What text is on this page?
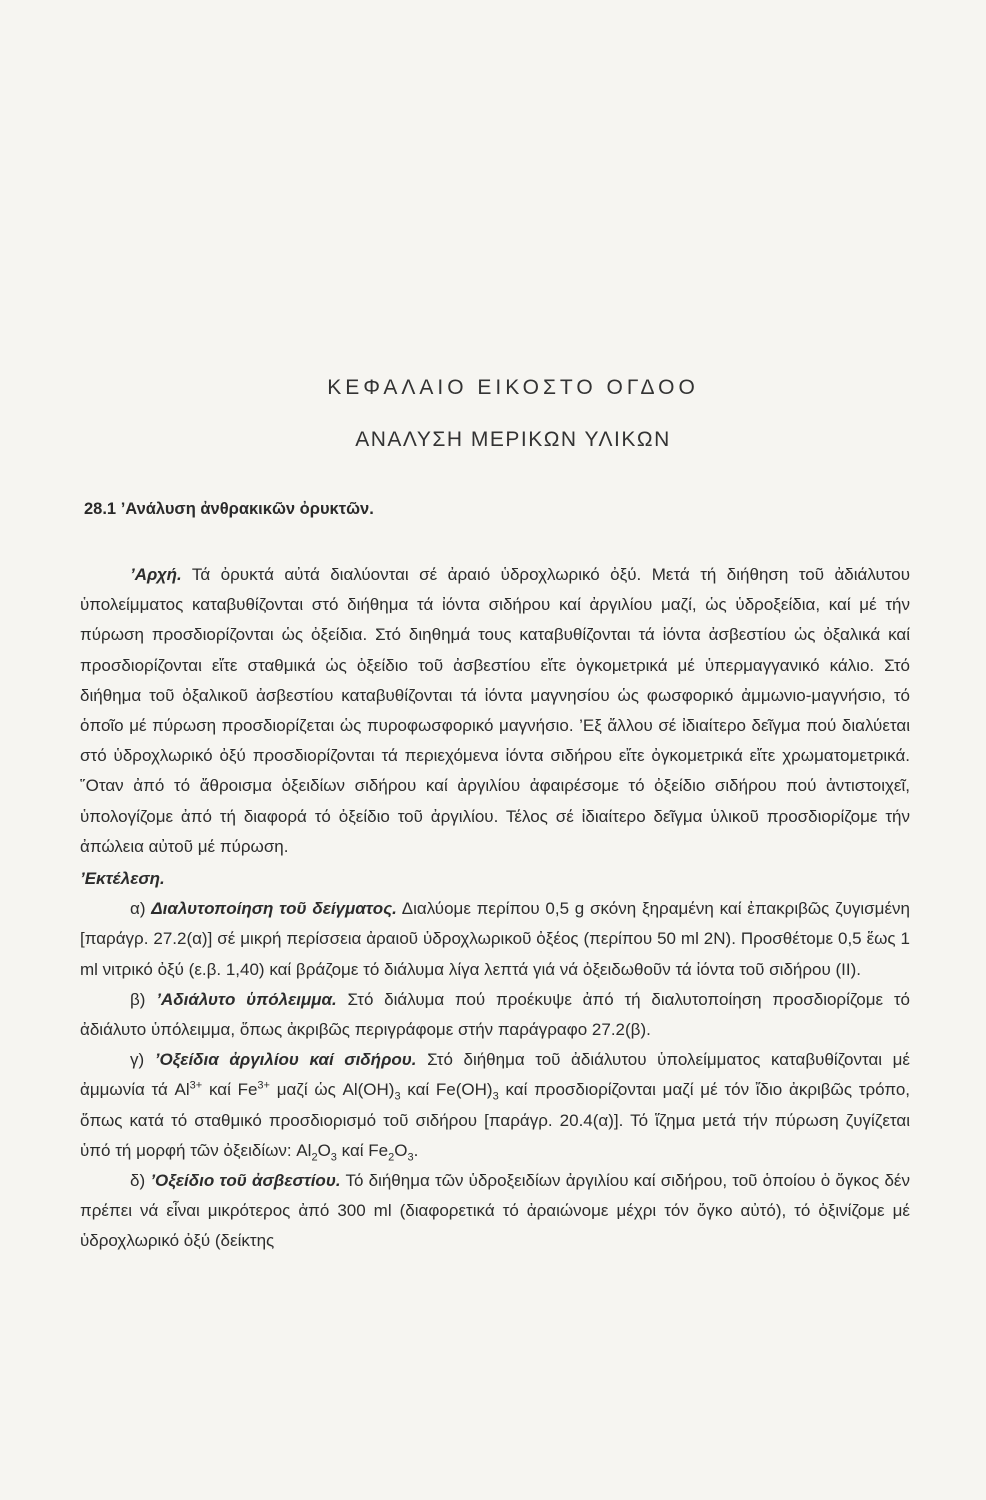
ΚΕΦΑΛΑΙΟ ΕΙΚΟΣΤΟ ΟΓΔΟΟ
ΑΝΑΛΥΣΗ ΜΕΡΙΚΩΝ ΥΛΙΚΩΝ
28.1 ’Ανάλυση ἀνθρακικῶν ὀρυκτῶν.

’Αρχή. Τά ὀρυκτά αὐτά διαλύονται σέ ἀραιό ὑδροχλωρικό ὀξύ. Μετά τή διήθηση τοῦ ἀδιάλυτου ὑπολείμματος καταβυθίζονται στό διήθημα τά ἰόντα σιδήρου καί ἀργιλίου μαζί, ὡς ὑδροξείδια, καί μέ τήν πύρωση προσδιορίζονται ὡς ὀξείδια. Στό διηθημά τους καταβυθίζονται τά ἰόντα ἀσβεστίου ὡς ὀξαλικά καί προσδιορίζονται εἴτε σταθμικά ὡς ὀξείδιο τοῦ ἀσβεστίου εἴτε ὀγκομετρικά μέ ὑπερμαγγανικό κάλιο. Στό διήθημα τοῦ ὀξαλικοῦ ἀσβεστίου καταβυθίζονται τά ἰόντα μαγνησίου ὡς φωσφορικό ἀμμωνιο-μαγνήσιο, τό ὁποῖο μέ πύρωση προσδιορίζεται ὡς πυροφωσφορικό μαγνήσιο. ’Εξ ἄλλου σέ ἰδιαίτερο δεῖγμα πού διαλύεται στό ὑδροχλωρικό ὀξύ προσδιορίζονται τά περιεχόμενα ἰόντα σιδήρου εἴτε ὀγκομετρικά εἴτε χρωματομετρικά. ῞Οταν ἀπό τό ἄθροισμα ὀξειδίων σιδήρου καί ἀργιλίου ἀφαιρέσομε τό ὀξείδιο σιδήρου πού ἀντιστοιχεῖ, ὑπολογίζομε ἀπό τή διαφορά τό ὀξείδιο τοῦ ἀργιλίου. Τέλος σέ ἰδιαίτερο δεῖγμα ὑλικοῦ προσδιορίζομε τήν ἀπώλεια αὐτοῦ μέ πύρωση.

’Εκτέλεση.

α) Διαλυτοποίηση τοῦ δείγματος. Διαλύομε περίπου 0,5 g σκόνη ξηραμένη καί ἐπακριβῶς ζυγισμένη [παράγρ. 27.2(α)] σέ μικρή περίσσεια ἀραιοῦ ὑδροχλωρικοῦ ὀξέος (περίπου 50 ml 2N). Προσθέτομε 0,5 ἕως 1 ml νιτρικό ὀξύ (ε.β. 1,40) καί βράζομε τό διάλυμα λίγα λεπτά γιά νά ὀξειδωθοῦν τά ἰόντα τοῦ σιδήρου (ΙΙ).

β) ’Αδιάλυτο ὑπόλειμμα. Στό διάλυμα πού προέκυψε ἀπό τή διαλυτοποίηση προσδιορίζομε τό ἀδιάλυτο ὑπόλειμμα, ὅπως ἀκριβῶς περιγράφομε στήν παράγραφο 27.2(β).

γ) ’Οξείδια ἀργιλίου καί σιδήρου. Στό διήθημα τοῦ ἀδιάλυτου ὑπολείμματος καταβυθίζονται μέ ἀμμωνία τά $Al^{3+}$ καί $Fe^{3+}$ μαζί ὡς $Al(OH)_3$ καί $Fe(OH)_3$ καί προσδιορίζονται μαζί μέ τόν ἴδιο ἀκριβῶς τρόπο, ὅπως κατά τό σταθμικό προσδιορισμό τοῦ σιδήρου [παράγρ. 20.4(α)]. Τό ἵζημα μετά τήν πύρωση ζυγίζεται ὑπό τή μορφή τῶν ὀξειδίων: $Al_2O_3$ καί $Fe_2O_3$.

δ) ’Οξείδιο τοῦ ἀσβεστίου. Τό διήθημα τῶν ὑδροξειδίων ἀργιλίου καί σιδήρου, τοῦ ὁποίου ὁ ὄγκος δέν πρέπει νά εἶναι μικρότερος ἀπό 300 ml (διαφορετικά τό ἀραιώνομε μέχρι τόν ὄγκο αὐτό), τό ὀξινίζομε μέ ὑδροχλωρικό ὀξύ (δείκτης
